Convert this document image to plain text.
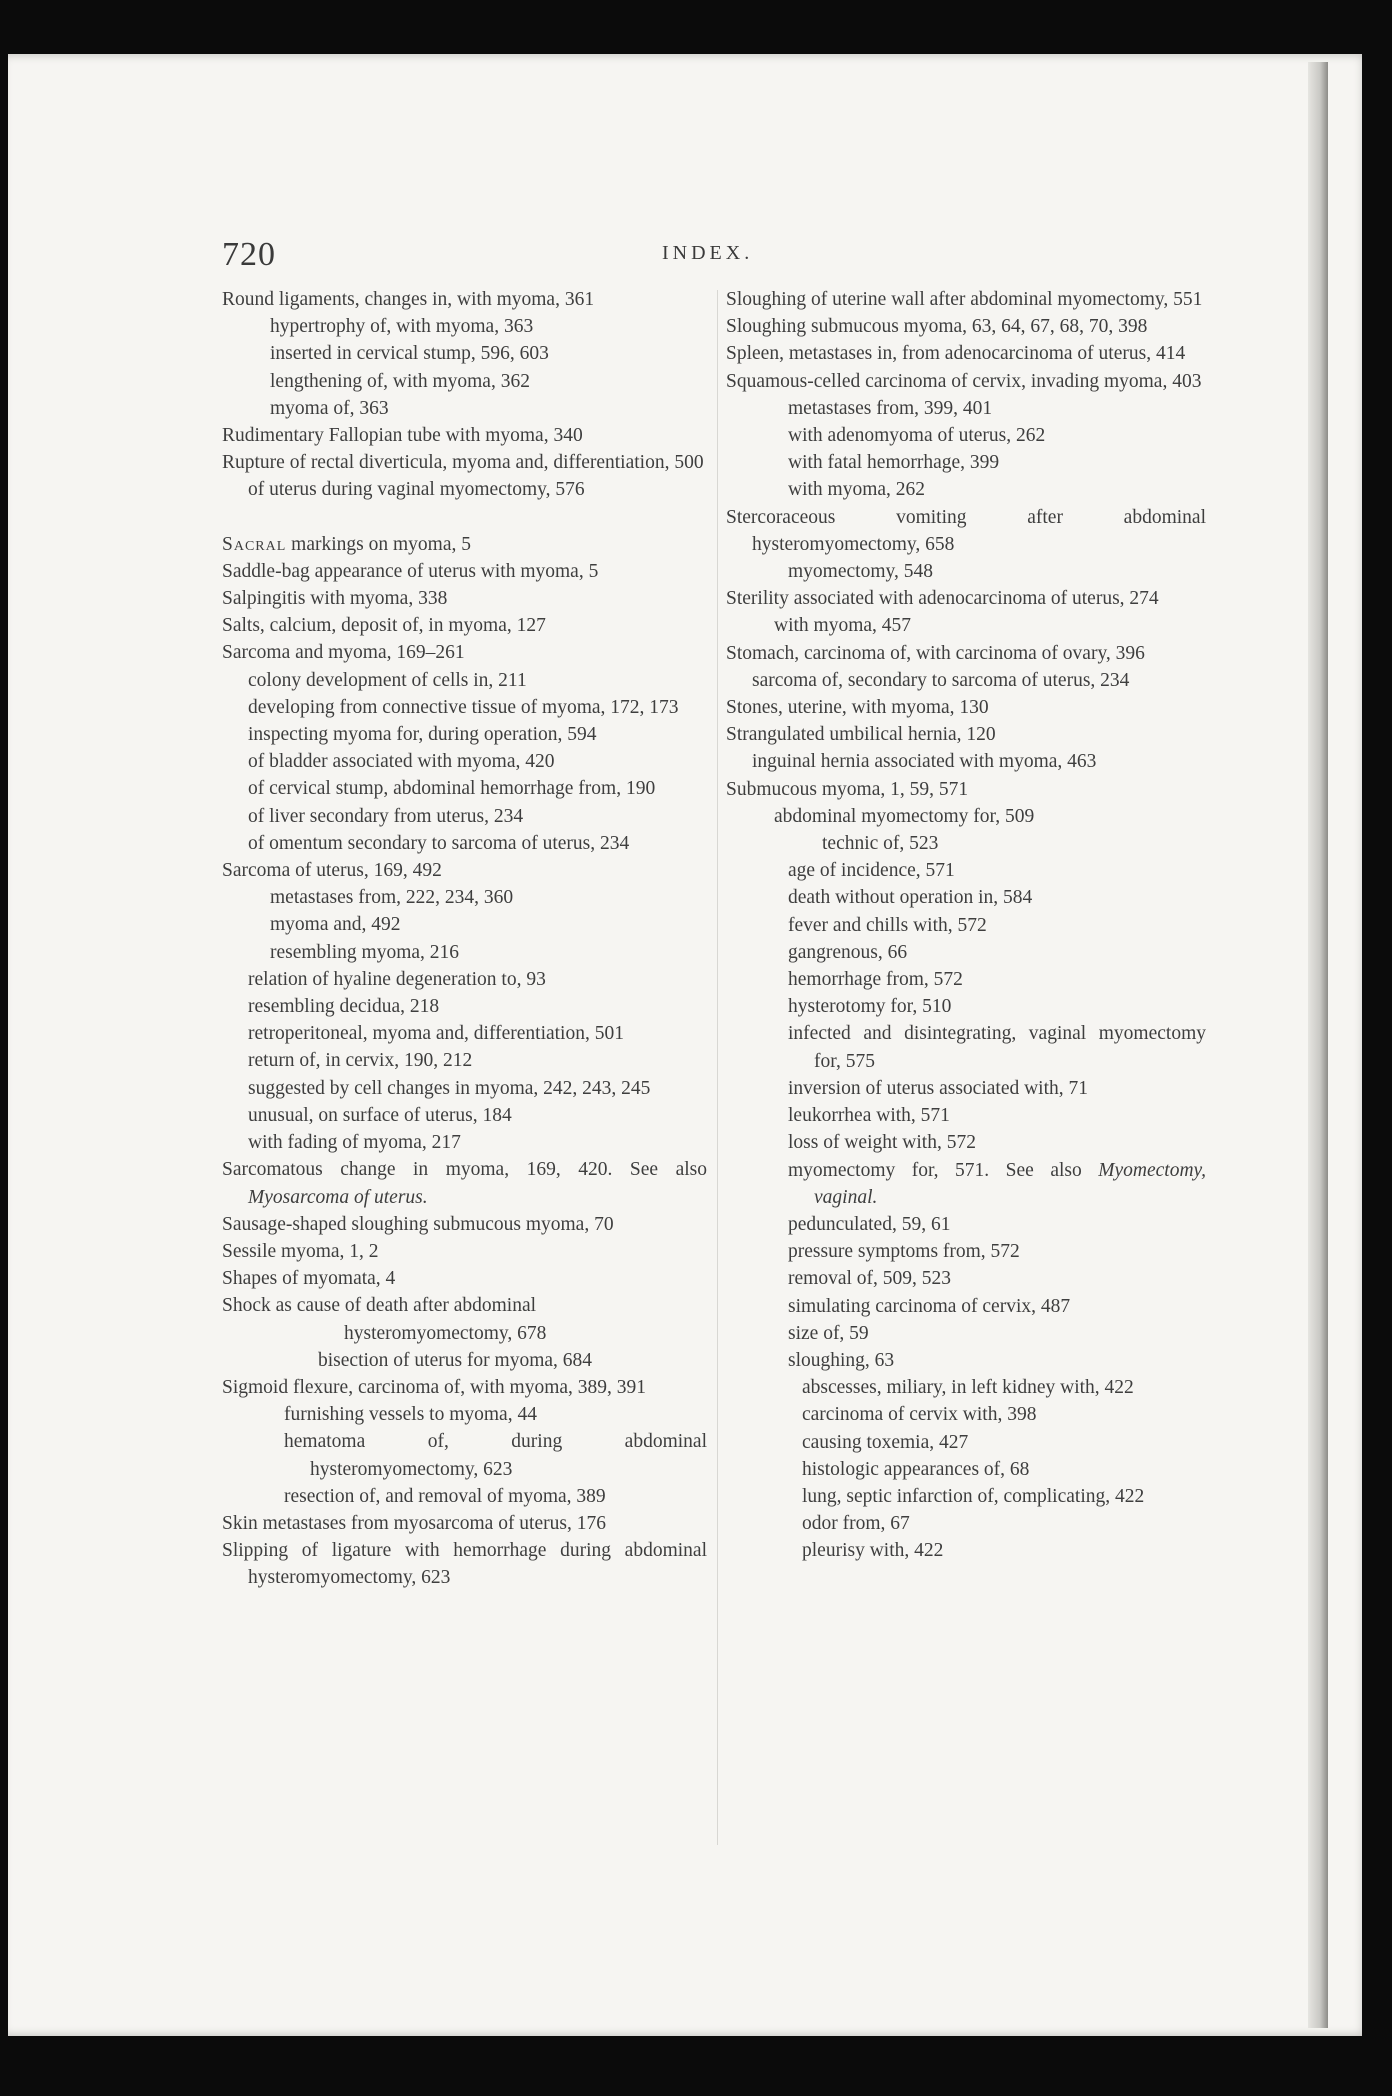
720	INDEX.
Round ligaments, changes in, with myoma, 361
hypertrophy of, with myoma, 363
inserted in cervical stump, 596, 603
lengthening of, with myoma, 362
myoma of, 363
Rudimentary Fallopian tube with myoma, 340
Rupture of rectal diverticula, myoma and, differentiation, 500
of uterus during vaginal myomectomy, 576
Sacral markings on myoma, 5
Saddle-bag appearance of uterus with myoma, 5
Salpingitis with myoma, 338
Salts, calcium, deposit of, in myoma, 127
Sarcoma and myoma, 169–261
colony development of cells in, 211
developing from connective tissue of myoma, 172, 173
inspecting myoma for, during operation, 594
of bladder associated with myoma, 420
of cervical stump, abdominal hemorrhage from, 190
of liver secondary from uterus, 234
of omentum secondary to sarcoma of uterus, 234
Sarcoma of uterus, 169, 492
metastases from, 222, 234, 360
myoma and, 492
resembling myoma, 216
relation of hyaline degeneration to, 93
resembling decidua, 218
retroperitoneal, myoma and, differentiation, 501
return of, in cervix, 190, 212
suggested by cell changes in myoma, 242, 243, 245
unusual, on surface of uterus, 184
with fading of myoma, 217
Sarcomatous change in myoma, 169, 420. See also Myosarcoma of uterus.
Sausage-shaped sloughing submucous myoma, 70
Sessile myoma, 1, 2
Shapes of myomata, 4
Shock as cause of death after abdominal
hysteromyomectomy, 678
bisection of uterus for myoma, 684
Sigmoid flexure, carcinoma of, with myoma, 389, 391
furnishing vessels to myoma, 44
hematoma of, during abdominal hysteromyomectomy, 623
resection of, and removal of myoma, 389
Skin metastases from myosarcoma of uterus, 176
Slipping of ligature with hemorrhage during abdominal hysteromyomectomy, 623
Sloughing of uterine wall after abdominal myomectomy, 551
Sloughing submucous myoma, 63, 64, 67, 68, 70, 398
Spleen, metastases in, from adenocarcinoma of uterus, 414
Squamous-celled carcinoma of cervix, invading myoma, 403
metastases from, 399, 401
with adenomyoma of uterus, 262
with fatal hemorrhage, 399
with myoma, 262
Stercoraceous vomiting after abdominal hysteromyomectomy, 658
myomectomy, 548
Sterility associated with adenocarcinoma of uterus, 274
with myoma, 457
Stomach, carcinoma of, with carcinoma of ovary, 396
sarcoma of, secondary to sarcoma of uterus, 234
Stones, uterine, with myoma, 130
Strangulated umbilical hernia, 120
inguinal hernia associated with myoma, 463
Submucous myoma, 1, 59, 571
abdominal myomectomy for, 509
technic of, 523
age of incidence, 571
death without operation in, 584
fever and chills with, 572
gangrenous, 66
hemorrhage from, 572
hysterotomy for, 510
infected and disintegrating, vaginal myomectomy for, 575
inversion of uterus associated with, 71
leukorrhea with, 571
loss of weight with, 572
myomectomy for, 571. See also Myomectomy, vaginal.
pedunculated, 59, 61
pressure symptoms from, 572
removal of, 509, 523
simulating carcinoma of cervix, 487
size of, 59
sloughing, 63
abscesses, miliary, in left kidney with, 422
carcinoma of cervix with, 398
causing toxemia, 427
histologic appearances of, 68
lung, septic infarction of, complicating, 422
odor from, 67
pleurisy with, 422
